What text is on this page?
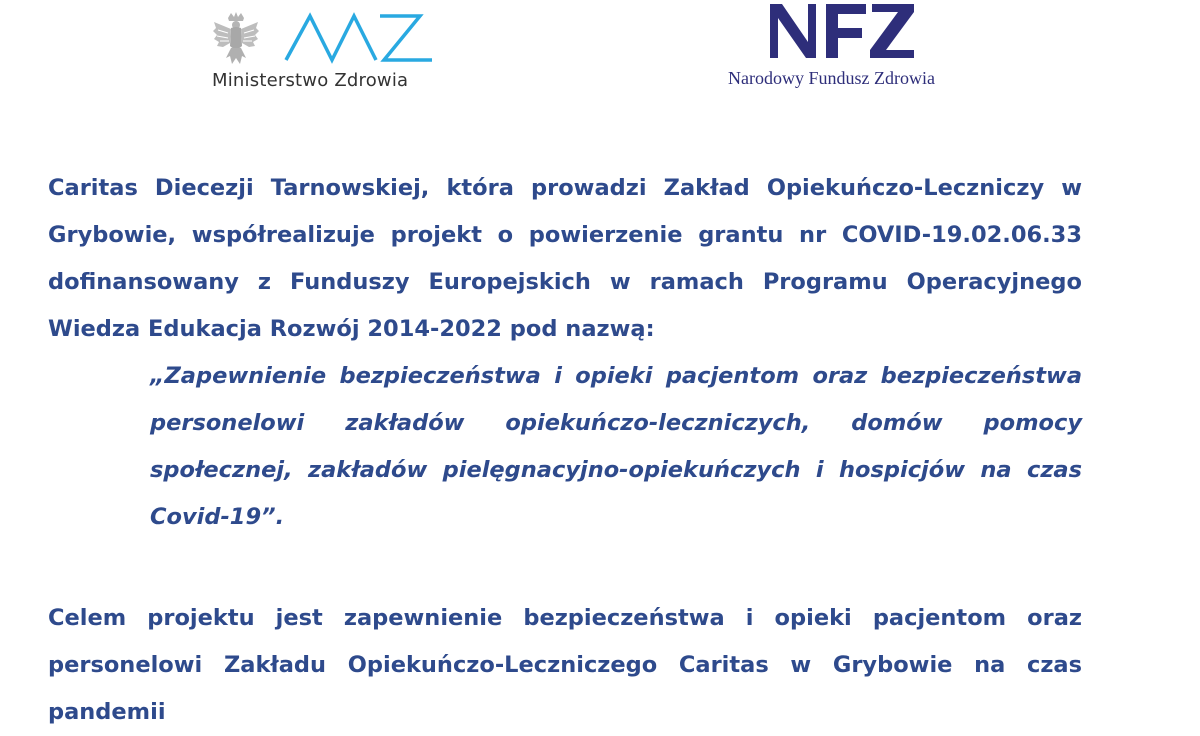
Ministerstwo Zdrowia	Narodowy Fundusz Zdrowia

Caritas Diecezji Tarnowskiej, która prowadzi Zakład Opiekuńczo-Leczniczy w Grybowie, współrealizuje projekt o powierzenie grantu nr COVID-19.02.06.33 dofinansowany z Funduszy Europejskich w ramach Programu Operacyjnego Wiedza Edukacja Rozwój 2014-2022 pod nazwą:

„Zapewnienie bezpieczeństwa i opieki pacjentom oraz bezpieczeństwa personelowi zakładów opiekuńczo-leczniczych, domów pomocy społecznej, zakładów pielęgnacyjno-opiekuńczych i hospicjów na czas Covid-19”.

Celem projektu jest zapewnienie bezpieczeństwa i opieki pacjentom oraz personelowi Zakładu Opiekuńczo-Leczniczego Caritas w Grybowie na czas pandemii
